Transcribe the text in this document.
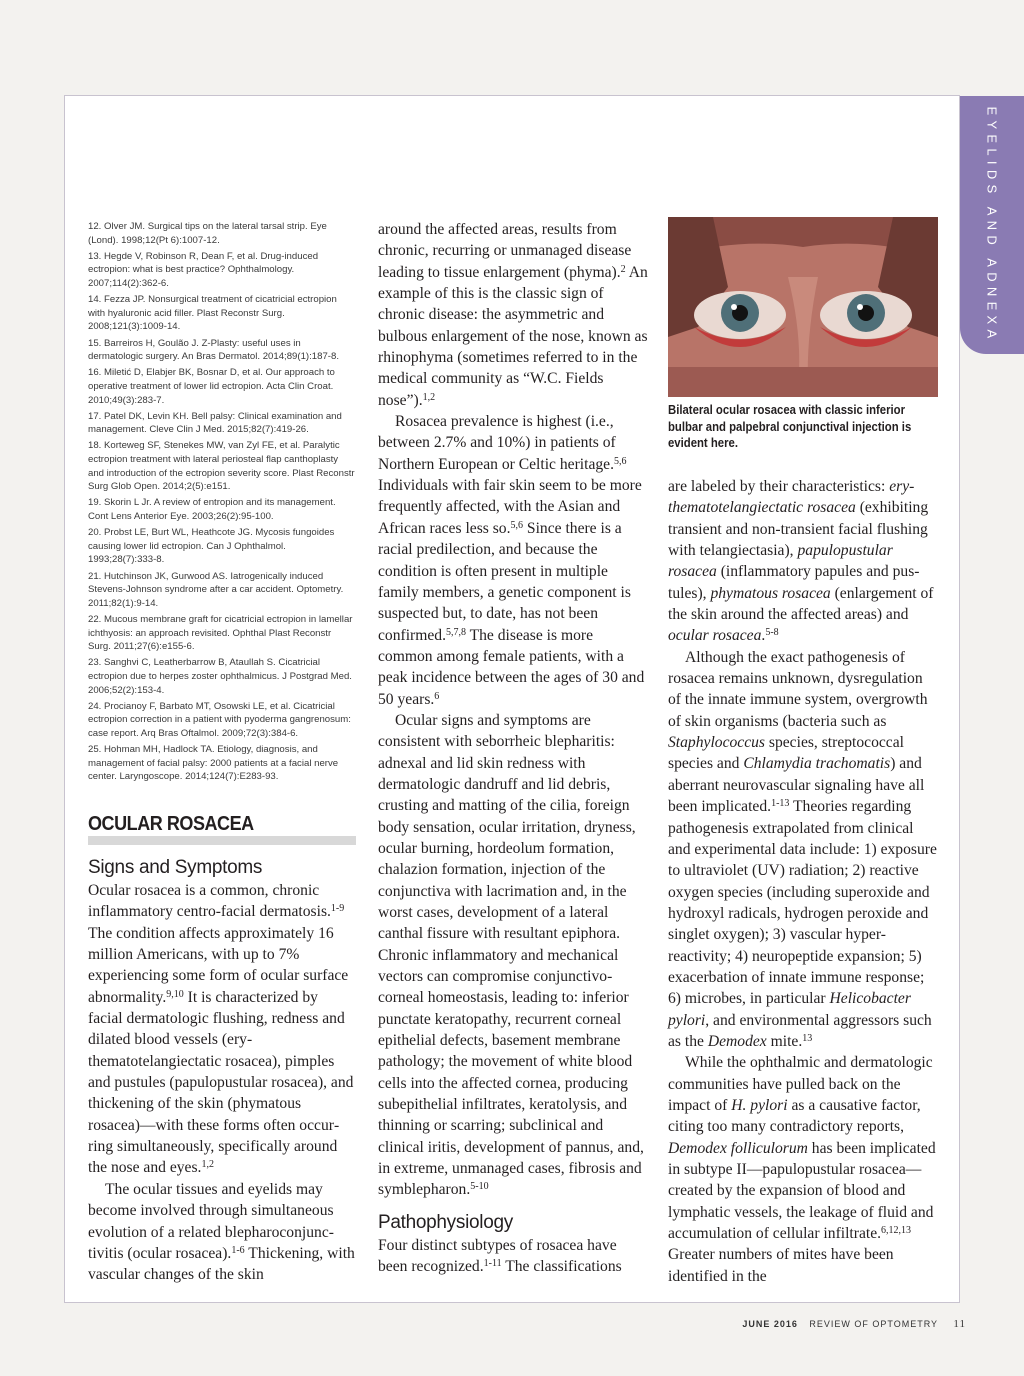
EYELIDS AND ADNEXA

12. Olver JM. Surgical tips on the lateral tarsal strip. Eye (Lond). 1998;12(Pt 6):1007-12.

13. Hegde V, Robinson R, Dean F, et al. Drug-induced ectropion: what is best practice? Ophthalmology. 2007;114(2):362-6.

14. Fezza JP. Nonsurgical treatment of cicatricial ectropion with hyaluronic acid filler. Plast Reconstr Surg. 2008;121(3):1009-14.

15. Barreiros H, Goulão J. Z-Plasty: useful uses in dermatologic surgery. An Bras Dermatol. 2014;89(1):187-8.

16. Miletić D, Elabjer BK, Bosnar D, et al. Our approach to operative treatment of lower lid ectropion. Acta Clin Croat. 2010;49(3):283-7.

17. Patel DK, Levin KH. Bell palsy: Clinical examination and management. Cleve Clin J Med. 2015;82(7):419-26.

18. Korteweg SF, Stenekes MW, van Zyl FE, et al. Paralytic ectropion treatment with lateral periosteal flap canthoplasty and introduction of the ectropion severity score. Plast Reconstr Surg Glob Open. 2014;2(5):e151.

19. Skorin L Jr. A review of entropion and its management. Cont Lens Anterior Eye. 2003;26(2):95-100.

20. Probst LE, Burt WL, Heathcote JG. Mycosis fungoides causing lower lid ectropion. Can J Ophthalmol. 1993;28(7):333-8.

21. Hutchinson JK, Gurwood AS. Iatrogenically induced Stevens-Johnson syndrome after a car accident. Optometry. 2011;82(1):9-14.

22. Mucous membrane graft for cicatricial ectropion in lamellar ichthyosis: an approach revisited. Ophthal Plast Reconstr Surg. 2011;27(6):e155-6.

23. Sanghvi C, Leatherbarrow B, Ataullah S. Cicatricial ectropion due to herpes zoster ophthalmicus. J Postgrad Med. 2006;52(2):153-4.

24. Procianoy F, Barbato MT, Osowski LE, et al. Cicatricial ectropion correction in a patient with pyoderma gangrenosum: case report. Arq Bras Oftalmol. 2009;72(3):384-6.

25. Hohman MH, Hadlock TA. Etiology, diagnosis, and management of facial palsy: 2000 patients at a facial nerve center. Laryngoscope. 2014;124(7):E283-93.

OCULAR ROSACEA
Signs and Symptoms

Ocular rosacea is a common, chronic inflammatory centro-facial dermatosis.$^{1-9}$ The condition affects approximately 16 million Americans, with up to 7% experiencing some form of ocular surface abnormality.$^{9,10}$ It is characterized by facial dermatologic flushing, redness and dilated blood vessels (erythematotelangiectatic rosacea), pimples and pustules (papulopustular rosacea), and thickening of the skin (phymatous rosacea)—with these forms often occurring simultaneously, specifically around the nose and eyes.$^{1,2}$

The ocular tissues and eyelids may become involved through simultaneous evolution of a related blepharoconjunctivitis (ocular rosacea).$^{1-6}$ Thickening, with vascular changes of the skin

around the affected areas, results from chronic, recurring or unmanaged disease leading to tissue enlargement (phyma).$^2$ An example of this is the classic sign of chronic disease: the asymmetric and bulbous enlargement of the nose, known as rhinophyma (sometimes referred to in the medical community as “W.C. Fields nose”).$^{1,2}$

Rosacea prevalence is highest (i.e., between 2.7% and 10%) in patients of Northern European or Celtic heritage.$^{5,6}$ Individuals with fair skin seem to be more frequently affected, with the Asian and African races less so.$^{5,6}$ Since there is a racial predilection, and because the condition is often present in multiple family members, a genetic component is suspected but, to date, has not been confirmed.$^{5,7,8}$ The disease is more common among female patients, with a peak incidence between the ages of 30 and 50 years.$^6$

Ocular signs and symptoms are consistent with seborrheic blepharitis: adnexal and lid skin redness with dermatologic dandruff and lid debris, crusting and matting of the cilia, foreign body sensation, ocular irritation, dryness, ocular burning, hordeolum formation, chalazion formation, injection of the conjunctiva with lacrimation and, in the worst cases, development of a lateral canthal fissure with resultant epiphora. Chronic inflammatory and mechanical vectors can compromise conjunctivocorneal homeostasis, leading to: inferior punctate keratopathy, recurrent corneal epithelial defects, basement membrane pathology; the movement of white blood cells into the affected cornea, producing subepithelial infiltrates, keratolysis, and thinning or scarring; subclinical and clinical iritis, development of pannus, and, in extreme, unmanaged cases, fibrosis and symblepharon.$^{5-10}$

Pathophysiology

Four distinct subtypes of rosacea have been recognized.$^{1-11}$ The classifications

Bilateral ocular rosacea with classic inferior bulbar and palpebral conjunctival injection is evident here.

are labeled by their characteristics: erythematotelangiectatic rosacea (exhibiting transient and non-transient facial flushing with telangiectasia), papulopustular rosacea (inflammatory papules and pustules), phymatous rosacea (enlargement of the skin around the affected areas) and ocular rosacea.$^{5-8}$

Although the exact pathogenesis of rosacea remains unknown, dysregulation of the innate immune system, overgrowth of skin organisms (bacteria such as Staphylococcus species, streptococcal species and Chlamydia trachomatis) and aberrant neurovascular signaling have all been implicated.$^{1-13}$ Theories regarding pathogenesis extrapolated from clinical and experimental data include: 1) exposure to ultraviolet (UV) radiation; 2) reactive oxygen species (including superoxide and hydroxyl radicals, hydrogen peroxide and singlet oxygen); 3) vascular hyper-reactivity; 4) neuropeptide expansion; 5) exacerbation of innate immune response; 6) microbes, in particular Helicobacter pylori, and environmental aggressors such as the Demodex mite.$^{13}$

While the ophthalmic and dermatologic communities have pulled back on the impact of H. pylori as a causative factor, citing too many contradictory reports, Demodex folliculorum has been implicated in subtype II—papulopustular rosacea—created by the expansion of blood and lymphatic vessels, the leakage of fluid and accumulation of cellular infiltrate.$^{6,12,13}$ Greater numbers of mites have been identified in the

JUNE 2016 REVIEW OF OPTOMETRY 11
